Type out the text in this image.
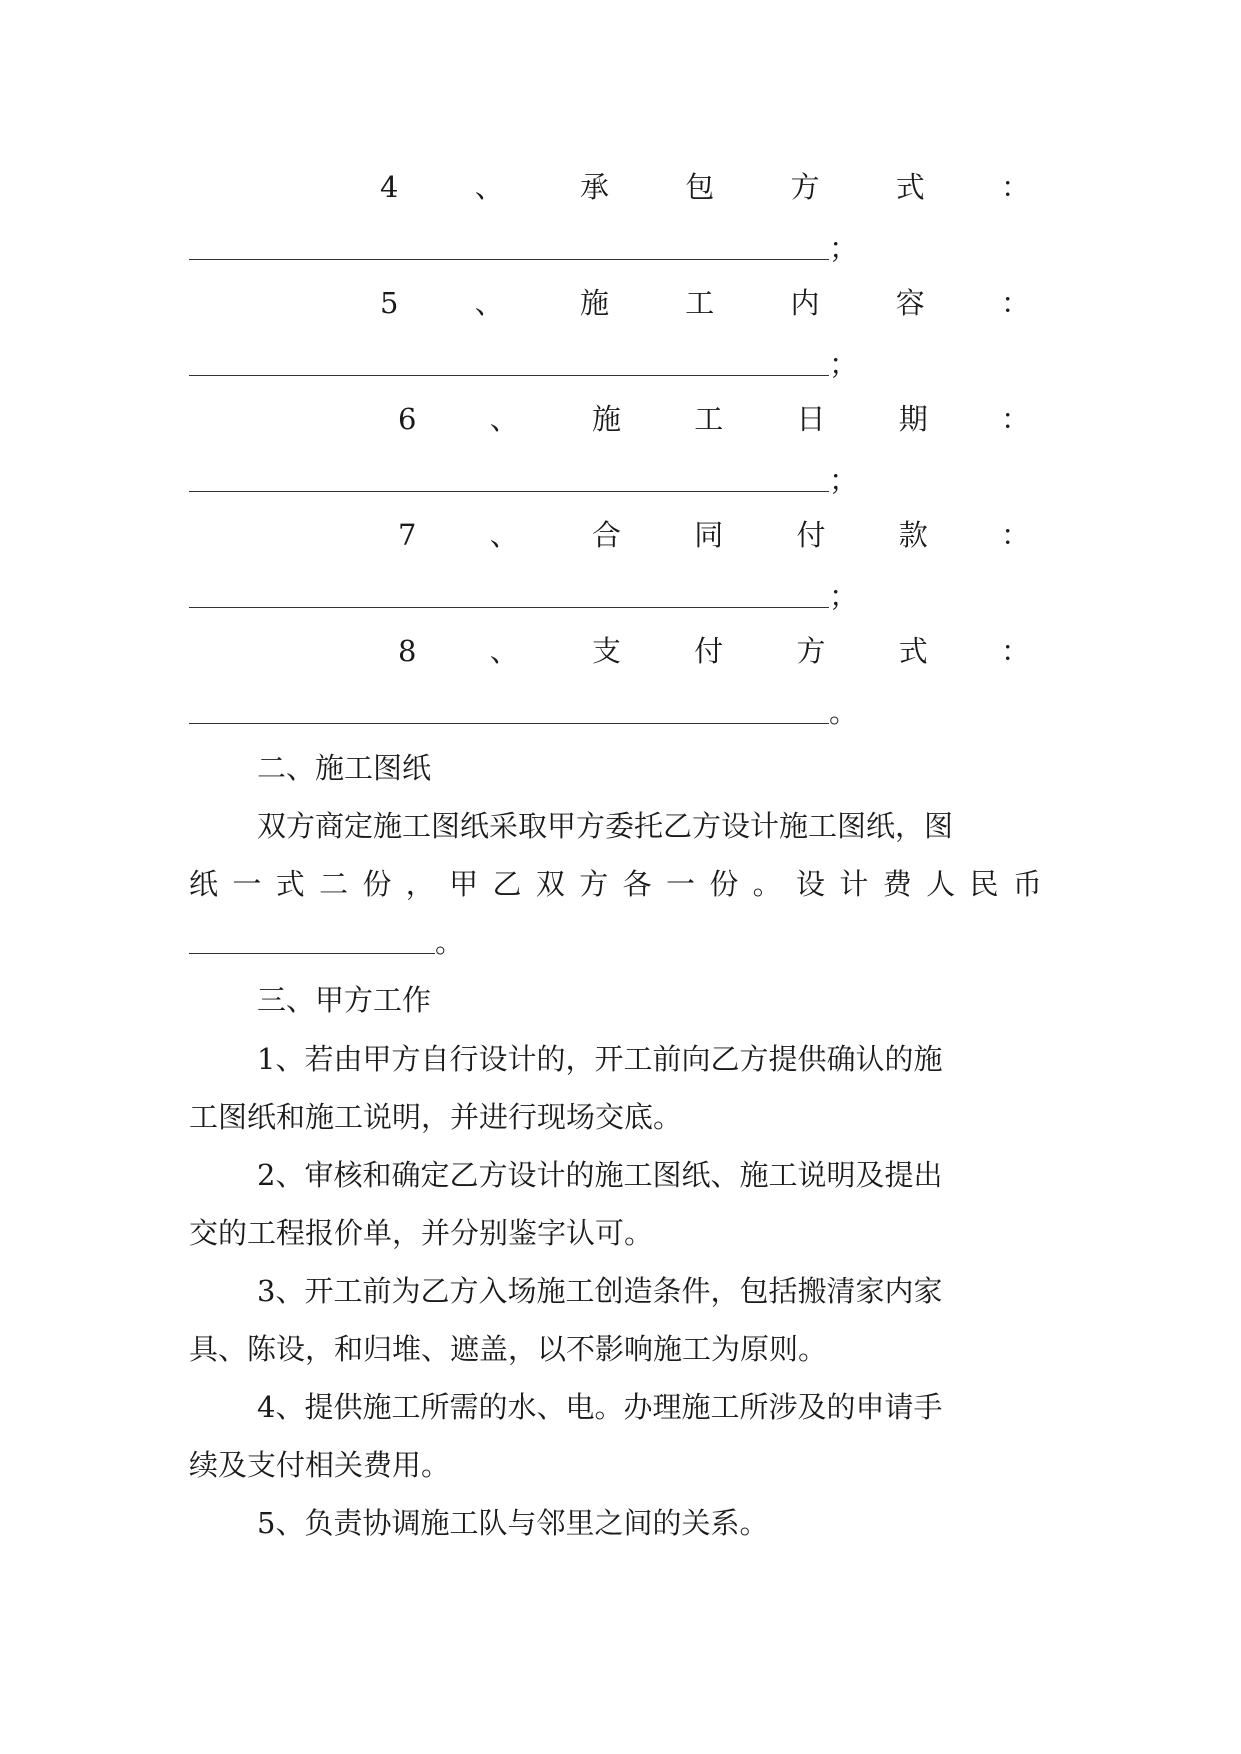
4	、	承	包	方	式	：
；
5	、	施	工	内	容	：
；
6	、	施	工	日	期	：
；
7	、	合	同	付	款	：
；
8	、	支	付	方	式	：
。
二、施工图纸
双方商定施工图纸采取甲方委托乙方设计施工图纸，图
纸 一 式 二 份 ， 甲 乙 双 方 各 一 份 。 设 计 费 人 民 币
。
三、甲方工作
1、若由甲方自行设计的，开工前向乙方提供确认的施
工图纸和施工说明，并进行现场交底。
2、审核和确定乙方设计的施工图纸、施工说明及提出
交的工程报价单，并分别鉴字认可。
3、开工前为乙方入场施工创造条件，包括搬清家内家
具、陈设，和归堆、遮盖，以不影响施工为原则。
4、提供施工所需的水、电。办理施工所涉及的申请手
续及支付相关费用。
5、负责协调施工队与邻里之间的关系。
